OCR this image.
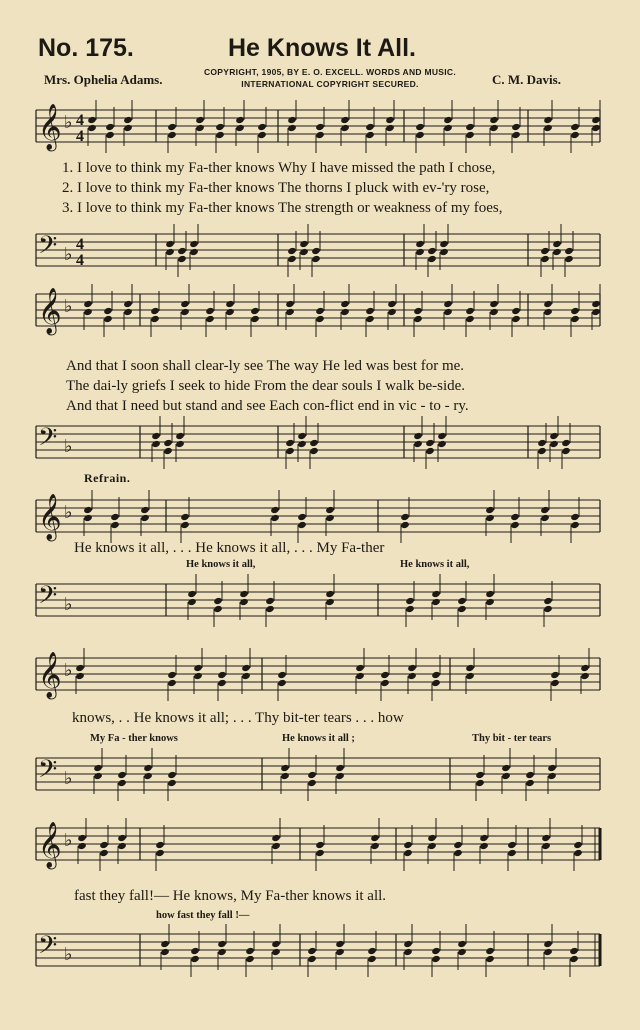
No. 175.	He Knows It All.
Mrs. Ophelia Adams.	COPYRIGHT, 1905, BY E. O. EXCELL. WORDS AND MUSIC.
INTERNATIONAL COPYRIGHT SECURED.	C. M. Davis.
𝄞 ♭ 4
4
1. I love to think my Fa-ther knows Why I have missed the path I chose,
2. I love to think my Fa-ther knows The thorns I pluck with ev-'ry rose,
3. I love to think my Fa-ther knows The strength or weakness of my foes,
𝄢 ♭ 4
4
𝄞 ♭
And that I soon shall clear-ly see The way He led was best for me.
The dai-ly griefs I seek to hide From the dear souls I walk be-side.
And that I need but stand and see Each con-flict end in vic - to - ry.
𝄢 ♭
Refrain.
𝄞 ♭
He knows it all, . . . He knows it all, . . . My Fa-ther
He knows it all,	He knows it all,
𝄢 ♭
𝄞 ♭
knows, . . He knows it all; . . . Thy bit-ter tears . . . how
My Fa - ther knows	He knows it all ;	Thy bit - ter tears
𝄢 ♭
𝄞 ♭
fast they fall!— He knows, My Fa-ther knows it all.
how fast they fall !—
𝄢 ♭
